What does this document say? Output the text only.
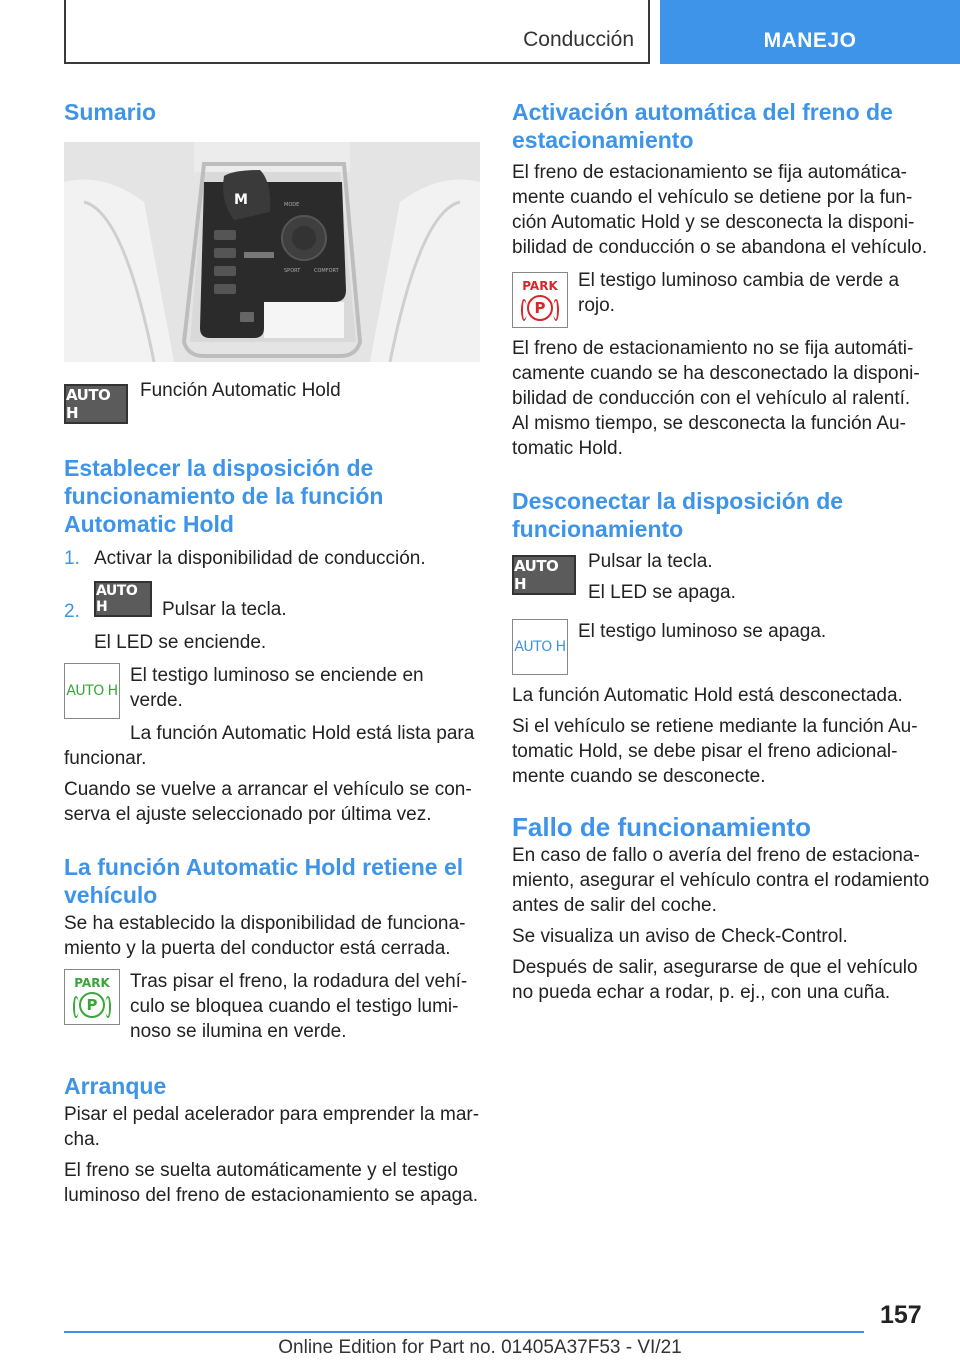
Conducción	MANEJO
Sumario
M	MODE
SPORT	COMFORT
AUTO H

Función Automatic Hold

Establecer la disposición de funcionamiento de la función Automatic Hold

1. Activar la disponibilidad de conducción.

2.
AUTO H	Pulsar la tecla.

El LED se enciende.

AUTO H

El testigo luminoso se enciende en

verde.

La función Automatic Hold está lista para

funcionar.

Cuando se vuelve a arrancar el vehículo se con-

serva el ajuste seleccionado por última vez.

La función Automatic Hold retiene el vehículo

Se ha establecido la disponibilidad de funciona-

miento y la puerta del conductor está cerrada.

PARK
P

Tras pisar el freno, la rodadura del vehí-

culo se bloquea cuando el testigo lumi-

noso se ilumina en verde.

Arranque

Pisar el pedal acelerador para emprender la mar-

cha.

El freno se suelta automáticamente y el testigo

luminoso del freno de estacionamiento se apaga.

Activación automática del freno de estacionamiento

El freno de estacionamiento se fija automática-

mente cuando el vehículo se detiene por la fun-

ción Automatic Hold y se desconecta la disponi-

bilidad de conducción o se abandona el vehículo.

PARK
P

El testigo luminoso cambia de verde a

rojo.

El freno de estacionamiento no se fija automáti-

camente cuando se ha desconectado la disponi-

bilidad de conducción con el vehículo al ralentí.

Al mismo tiempo, se desconecta la función Au-

tomatic Hold.

Desconectar la disposición de funcionamiento
AUTO H

Pulsar la tecla.

El LED se apaga.

AUTO H

El testigo luminoso se apaga.

La función Automatic Hold está desconectada.

Si el vehículo se retiene mediante la función Au-

tomatic Hold, se debe pisar el freno adicional-

mente cuando se desconecte.

Fallo de funcionamiento

En caso de fallo o avería del freno de estaciona-

miento, asegurar el vehículo contra el rodamiento

antes de salir del coche.

Se visualiza un aviso de Check-Control.

Después de salir, asegurarse de que el vehículo

no pueda echar a rodar, p. ej., con una cuña.

157
Online Edition for Part no. 01405A37F53 - VI/21
